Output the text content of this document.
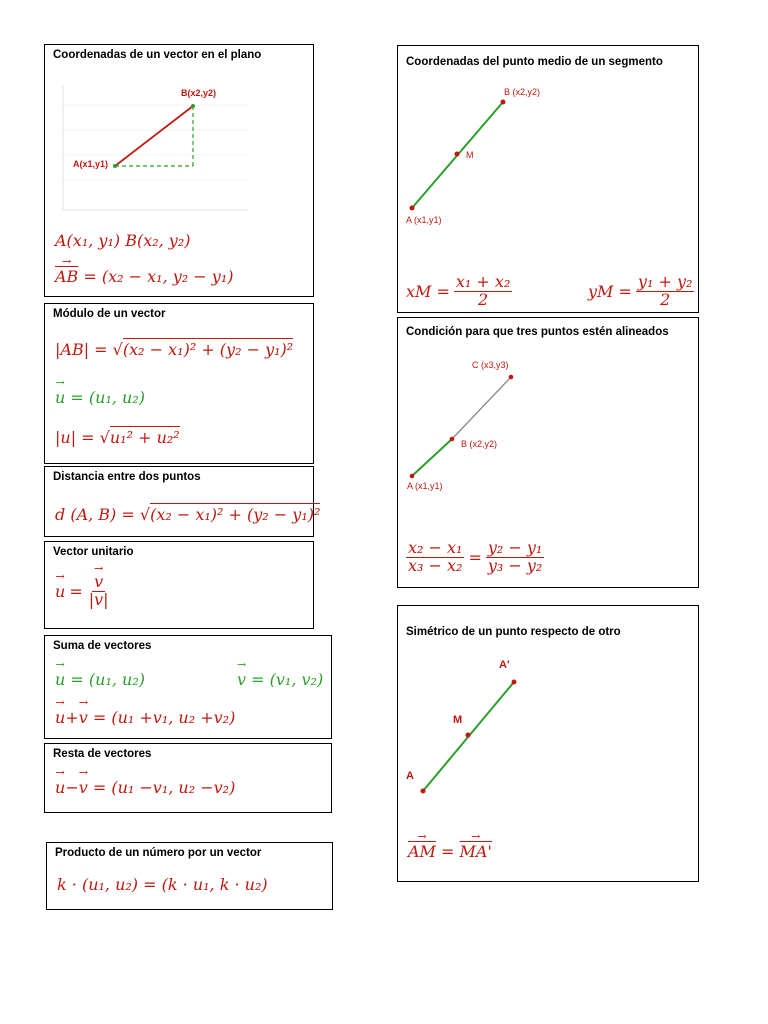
Coordenadas de un vector en el plano
A(x1,y1)
B(x2,y2)
A(x₁, y₁) B(x₂, y₂)
→ $\overline{AB} = (x_2 - x_1$, y₂ − y₁)
Módulo de un vector
|AB| = √(x₂ − x₁)² + (y₂ − y₁)²
→ u = (u₁, u₂)
|u| = √u₁² + u₂²
Distancia entre dos puntos
d (A, B) = √(x₂ − x₁)² + (y₂ − y₁)²
Vector unitario
→ u = → $\frac{v}{|v|}$
Suma de vectores
→ u = (u₁, u₂)	→ v = (v₁, v₂)
→ u+→ v = (u₁ +v₁, u₂ +v₂)
Resta de vectores
→ u−→ v = (u₁ −v₁, u₂ −v₂)
Producto de un número por un vector
k · (u₁, u₂) = (k · u₁, k · u₂)
Coordenadas del punto medio de un segmento
B (x2,y2)
M
A (x1,y1)
xM = $\frac{\text{x₁ + x₂}}{2}$	yM = $\frac{\text{y₁ + y₂}}{2}$
Condición para que tres puntos estén alineados
C (x3,y3)
B (x2,y2)
A (x1,y1)
$\frac{\text{x₂ − x₁}}{\text{x₃ − x₂}} = \frac{\text{y₂ − y₁}}{\text{y₃ − y₂}}$
Simétrico de un punto respecto de otro
A'
M
A
→ $\overline{AM}$ = → MA'
